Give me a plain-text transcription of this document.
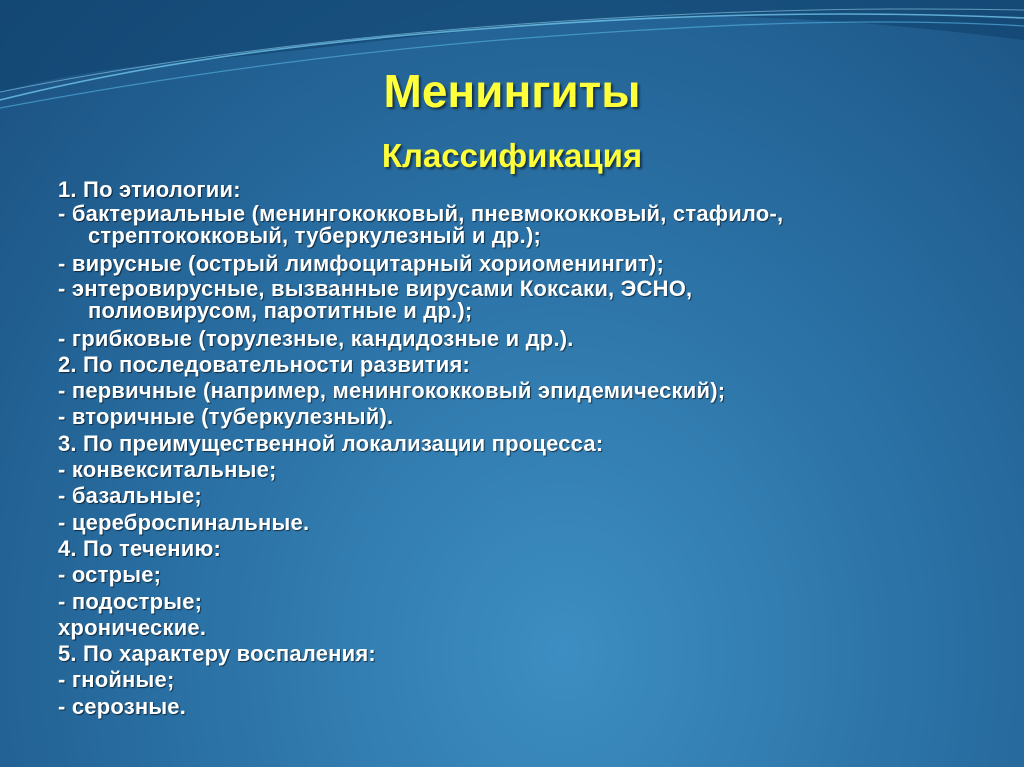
Менингиты
Классификация
1. По этиологии:
- бактериальные (менингококковый, пневмококковый, стафило-,
стрептококковый, туберкулезный и др.);
- вирусные (острый лимфоцитарный хориоменингит);
- энтеровирусные, вызванные вирусами Коксаки, ЭСНО,
полиовирусом, паротитные и др.);
- грибковые (торулезные, кандидозные и др.).
2. По последовательности развития:
- первичные (например, менингококковый эпидемический);
- вторичные (туберкулезный).
3. По преимущественной локализации процесса:
- конвекситальные;
- базальные;
- цереброспинальные.
4. По течению:
- острые;
- подострые;
хронические.
5. По характеру воспаления:
- гнойные;
- серозные.
